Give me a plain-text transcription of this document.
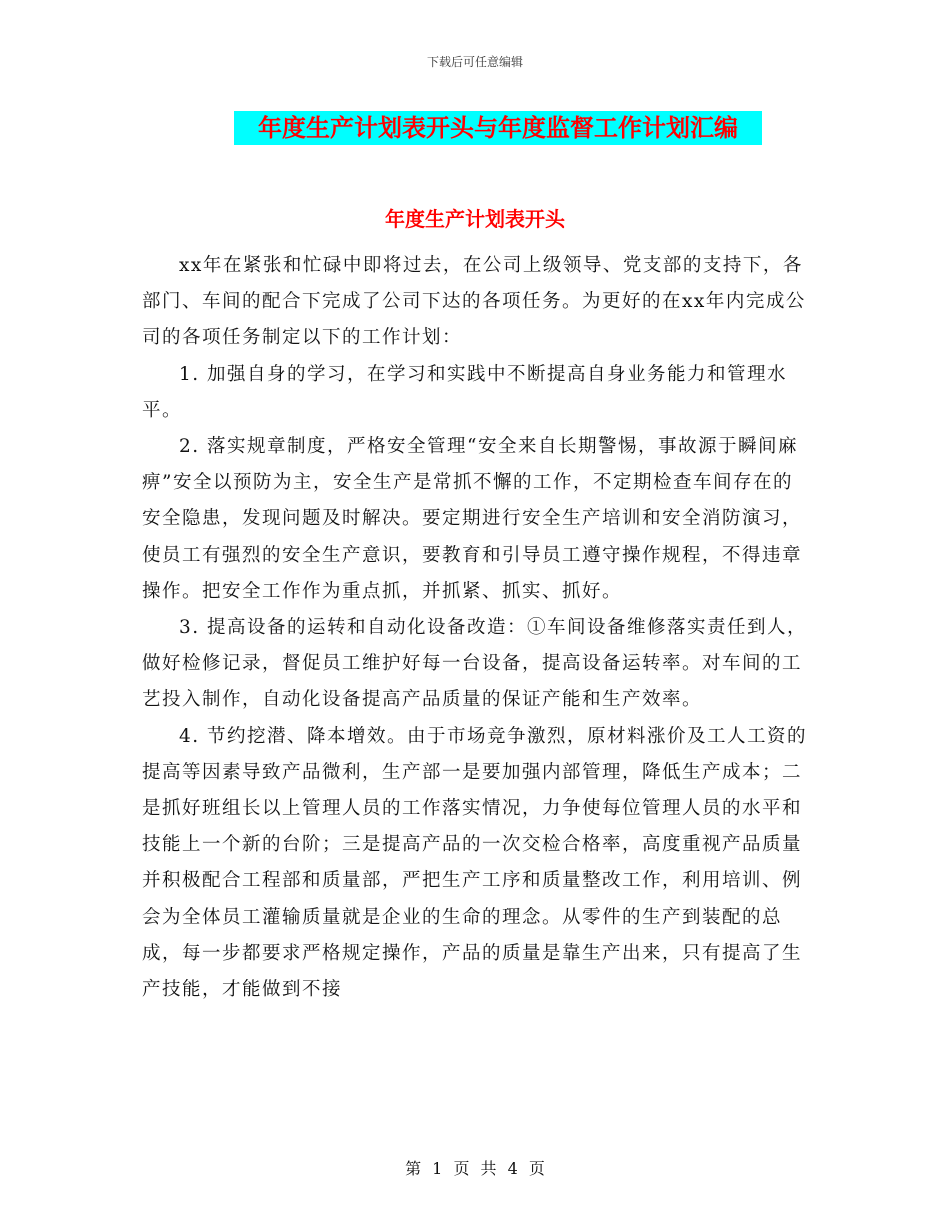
下载后可任意编辑
年度生产计划表开头与年度监督工作计划汇编
年度生产计划表开头

xx年在紧张和忙碌中即将过去，在公司上级领导、党支部的支持下，各部门、车间的配合下完成了公司下达的各项任务。为更好的在xx年内完成公司的各项任务制定以下的工作计划：

1. 加强自身的学习，在学习和实践中不断提高自身业务能力和管理水平。

2. 落实规章制度，严格安全管理“安全来自长期警惕，事故源于瞬间麻痹”安全以预防为主，安全生产是常抓不懈的工作，不定期检查车间存在的安全隐患，发现问题及时解决。要定期进行安全生产培训和安全消防演习，使员工有强烈的安全生产意识，要教育和引导员工遵守操作规程，不得违章操作。把安全工作作为重点抓，并抓紧、抓实、抓好。

3. 提高设备的运转和自动化设备改造：①车间设备维修落实责任到人，做好检修记录，督促员工维护好每一台设备，提高设备运转率。对车间的工艺投入制作，自动化设备提高产品质量的保证产能和生产效率。

4. 节约挖潜、降本增效。由于市场竞争激烈，原材料涨价及工人工资的提高等因素导致产品微利，生产部一是要加强内部管理，降低生产成本；二是抓好班组长以上管理人员的工作落实情况，力争使每位管理人员的水平和技能上一个新的台阶；三是提高产品的一次交检合格率，高度重视产品质量并积极配合工程部和质量部，严把生产工序和质量整改工作，利用培训、例会为全体员工灌输质量就是企业的生命的理念。从零件的生产到装配的总成，每一步都要求严格规定操作，产品的质量是靠生产出来，只有提高了生产技能，才能做到不接

第 1 页 共 4 页
